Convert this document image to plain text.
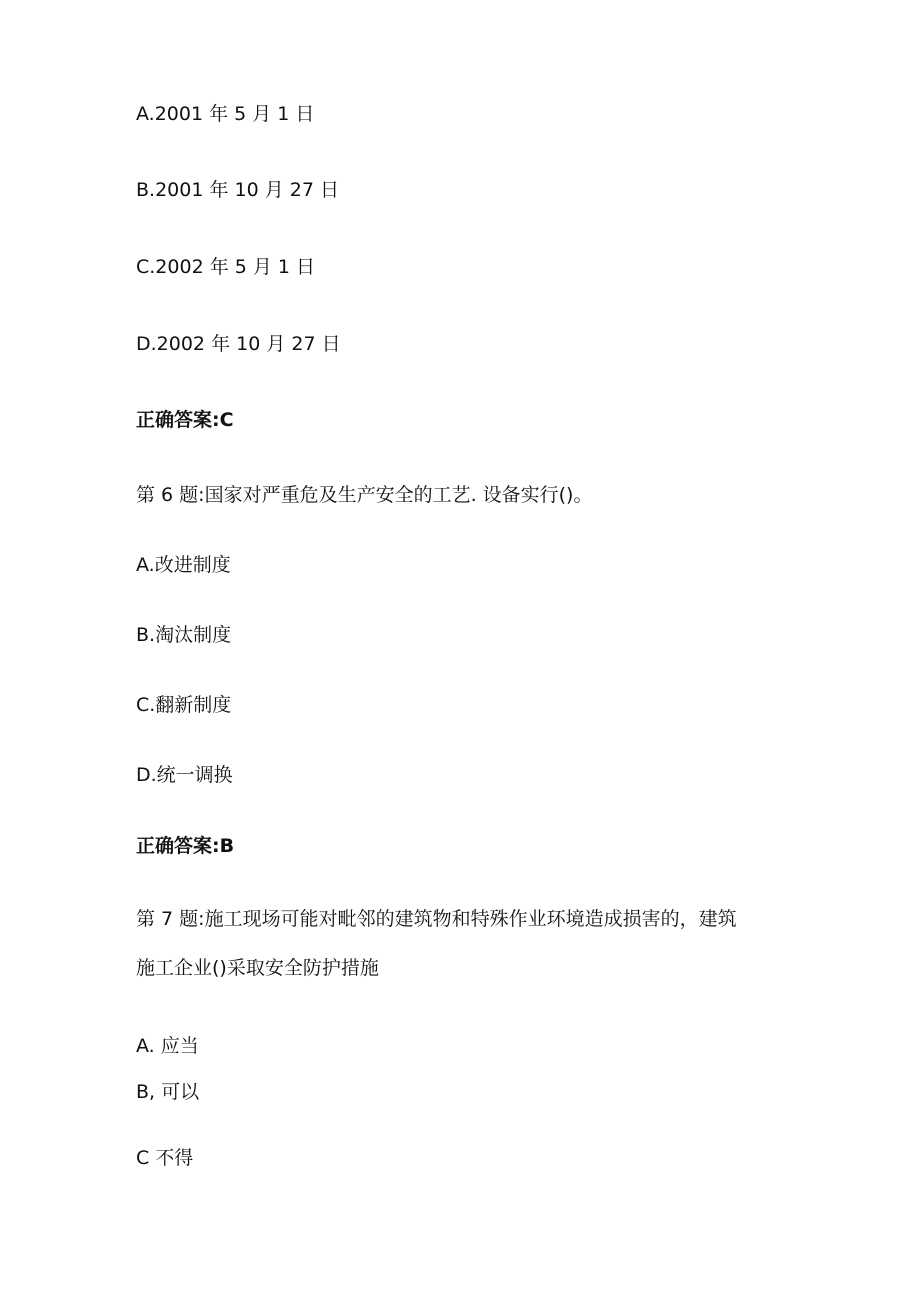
A.2001 年 5 月 1 日
B.2001 年 10 月 27 日
C.2002 年 5 月 1 日
D.2002 年 10 月 27 日
正确答案:C
第 6 题:国家对严重危及生产安全的工艺. 设备实行()。
A.改进制度
B.淘汰制度
C.翻新制度
D.统一调换
正确答案:B
第 7 题:施工现场可能对毗邻的建筑物和特殊作业环境造成损害的，建筑
施工企业()采取安全防护措施
A. 应当
B, 可以
C 不得
